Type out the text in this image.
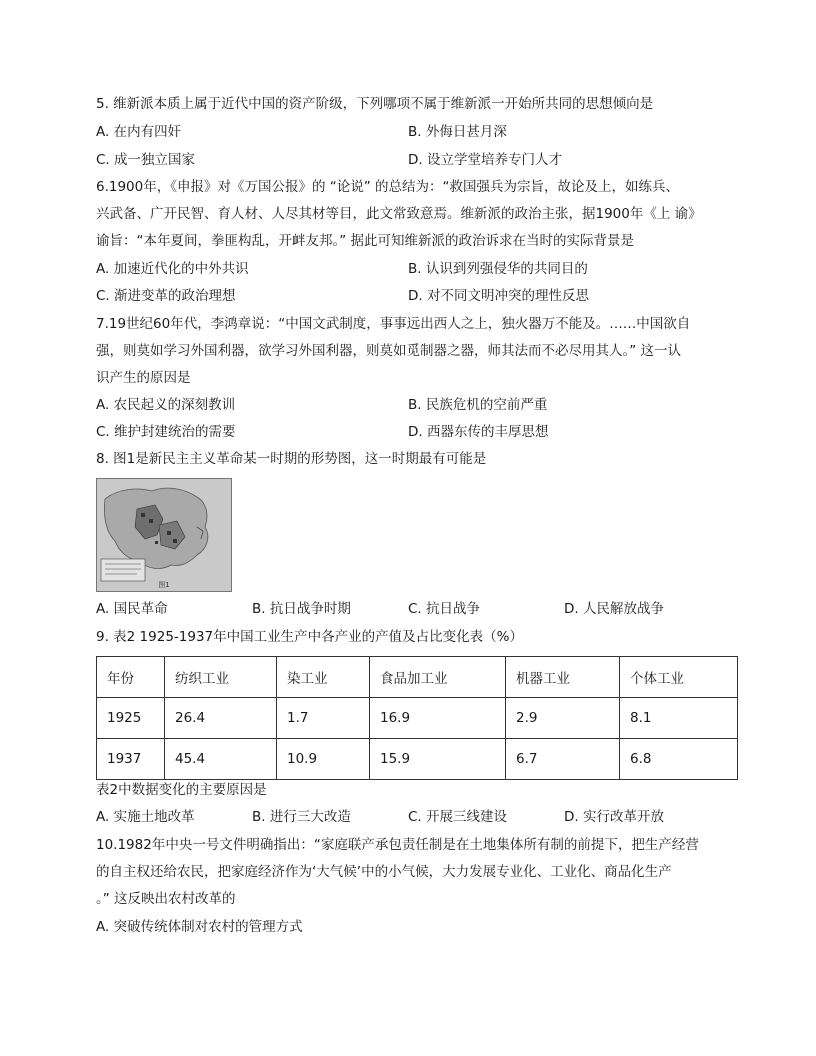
5. 维新派本质上属于近代中国的资产阶级，下列哪项不属于维新派一开始所共同的思想倾向是
A. 在内有四奸	B. 外侮日甚月深
C. 成一独立国家	D. 设立学堂培养专门人才
6.1900年，《申报》对《万国公报》的 “论说” 的总结为：“救国强兵为宗旨，故论及上，如练兵、
兴武备、广开民智、育人材、人尽其材等目，此文常致意焉。维新派的政治主张，据1900年《上 谕》
谕旨：“本年夏间，拳匪构乱，开衅友邦。” 据此可知维新派的政治诉求在当时的实际背景是
A. 加速近代化的中外共识	B. 认识到列强侵华的共同目的
C. 渐进变革的政治理想	D. 对不同文明冲突的理性反思
7.19世纪60年代，李鸿章说：“中国文武制度，事事远出西人之上，独火器万不能及。……中国欲自
强，则莫如学习外国利器，欲学习外国利器，则莫如觅制器之器，师其法而不必尽用其人。” 这一认
识产生的原因是
A. 农民起义的深刻教训	B. 民族危机的空前严重
C. 维护封建统治的需要	D. 西器东传的丰厚思想
8. 图1是新民主主义革命某一时期的形势图，这一时期最有可能是
图1
A. 国民革命	B. 抗日战争时期	C. 抗日战争	D. 人民解放战争
9. 表2 1925-1937年中国工业生产中各产业的产值及占比变化表（%）
年份	纺织工业	染工业	食品加工业	机器工业	个体工业
1925	26.4	1.7	16.9	2.9	8.1
1937	45.4	10.9	15.9	6.7	6.8
表2中数据变化的主要原因是
A. 实施土地改革	B. 进行三大改造	C. 开展三线建设	D. 实行改革开放
10.1982年中央一号文件明确指出：“家庭联产承包责任制是在土地集体所有制的前提下，把生产经营
的自主权还给农民，把家庭经济作为‘大气候’中的小气候，大力发展专业化、工业化、商品化生产
。” 这反映出农村改革的
A. 突破传统体制对农村的管理方式
